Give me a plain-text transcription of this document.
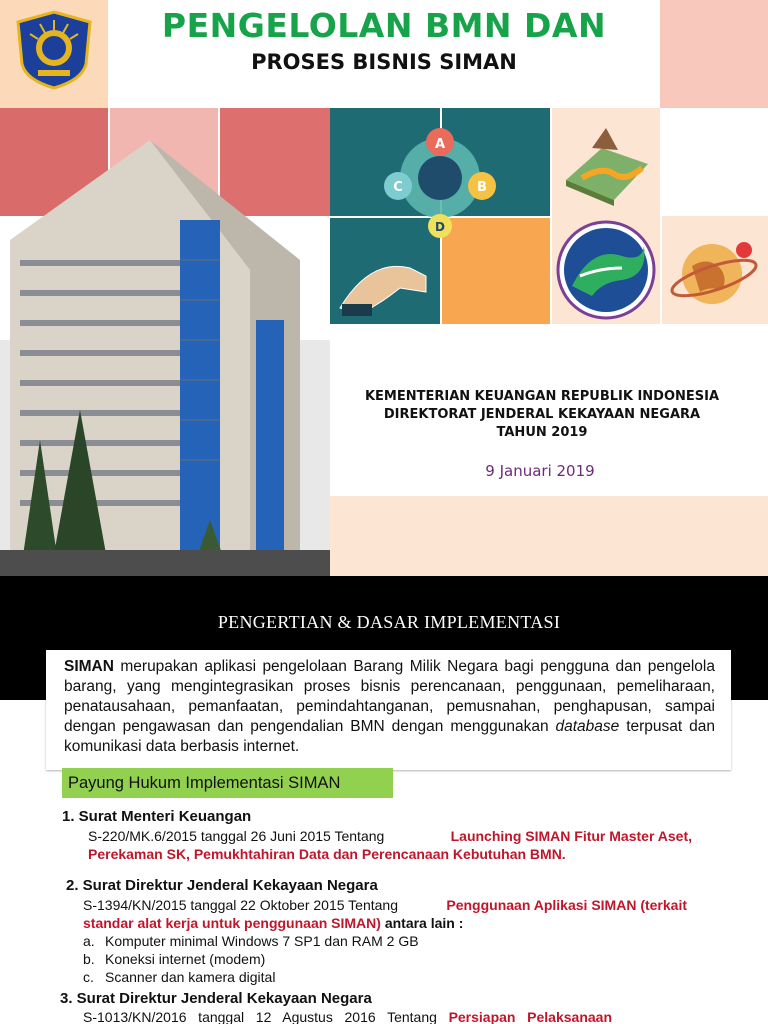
PENGELOLAN BMN DAN
PROSES BISNIS SIMAN
A
C	B
D
KEMENTERIAN KEUANGAN REPUBLIK INDONESIA
DIREKTORAT JENDERAL KEKAYAAN NEGARA
TAHUN 2019
9 Januari 2019
PENGERTIAN & DASAR IMPLEMENTASI
SIMAN merupakan aplikasi pengelolaan Barang Milik Negara bagi pengguna dan pengelola barang, yang mengintegrasikan proses bisnis perencanaan, penggunaan, pemeliharaan, penatausahaan, pemanfaatan, pemindahtanganan, pemusnahan, penghapusan, sampai dengan pengawasan dan pengendalian BMN dengan menggunakan database terpusat dan komunikasi data berbasis internet.
Payung Hukum Implementasi SIMAN
1. Surat Menteri Keuangan
S-220/MK.6/2015 tanggal 26 Juni 2015 Tentang	Launching SIMAN Fitur Master Aset,
Perekaman SK, Pemukhtahiran Data dan Perencanaan Kebutuhan BMN.
2. Surat Direktur Jenderal Kekayaan Negara
S-1394/KN/2015 tanggal 22 Oktober 2015 Tentang	Penggunaan Aplikasi SIMAN (terkait
standar alat kerja untuk penggunaan SIMAN) antara lain :
a. Komputer minimal Windows 7 SP1 dan RAM 2 GB
b. Koneksi internet (modem)
c. Scanner dan kamera digital
3. Surat Direktur Jenderal Kekayaan Negara
S-1013/KN/2016   tanggal   12   Agustus   2016   Tentang   Persiapan   Pelaksanaan
